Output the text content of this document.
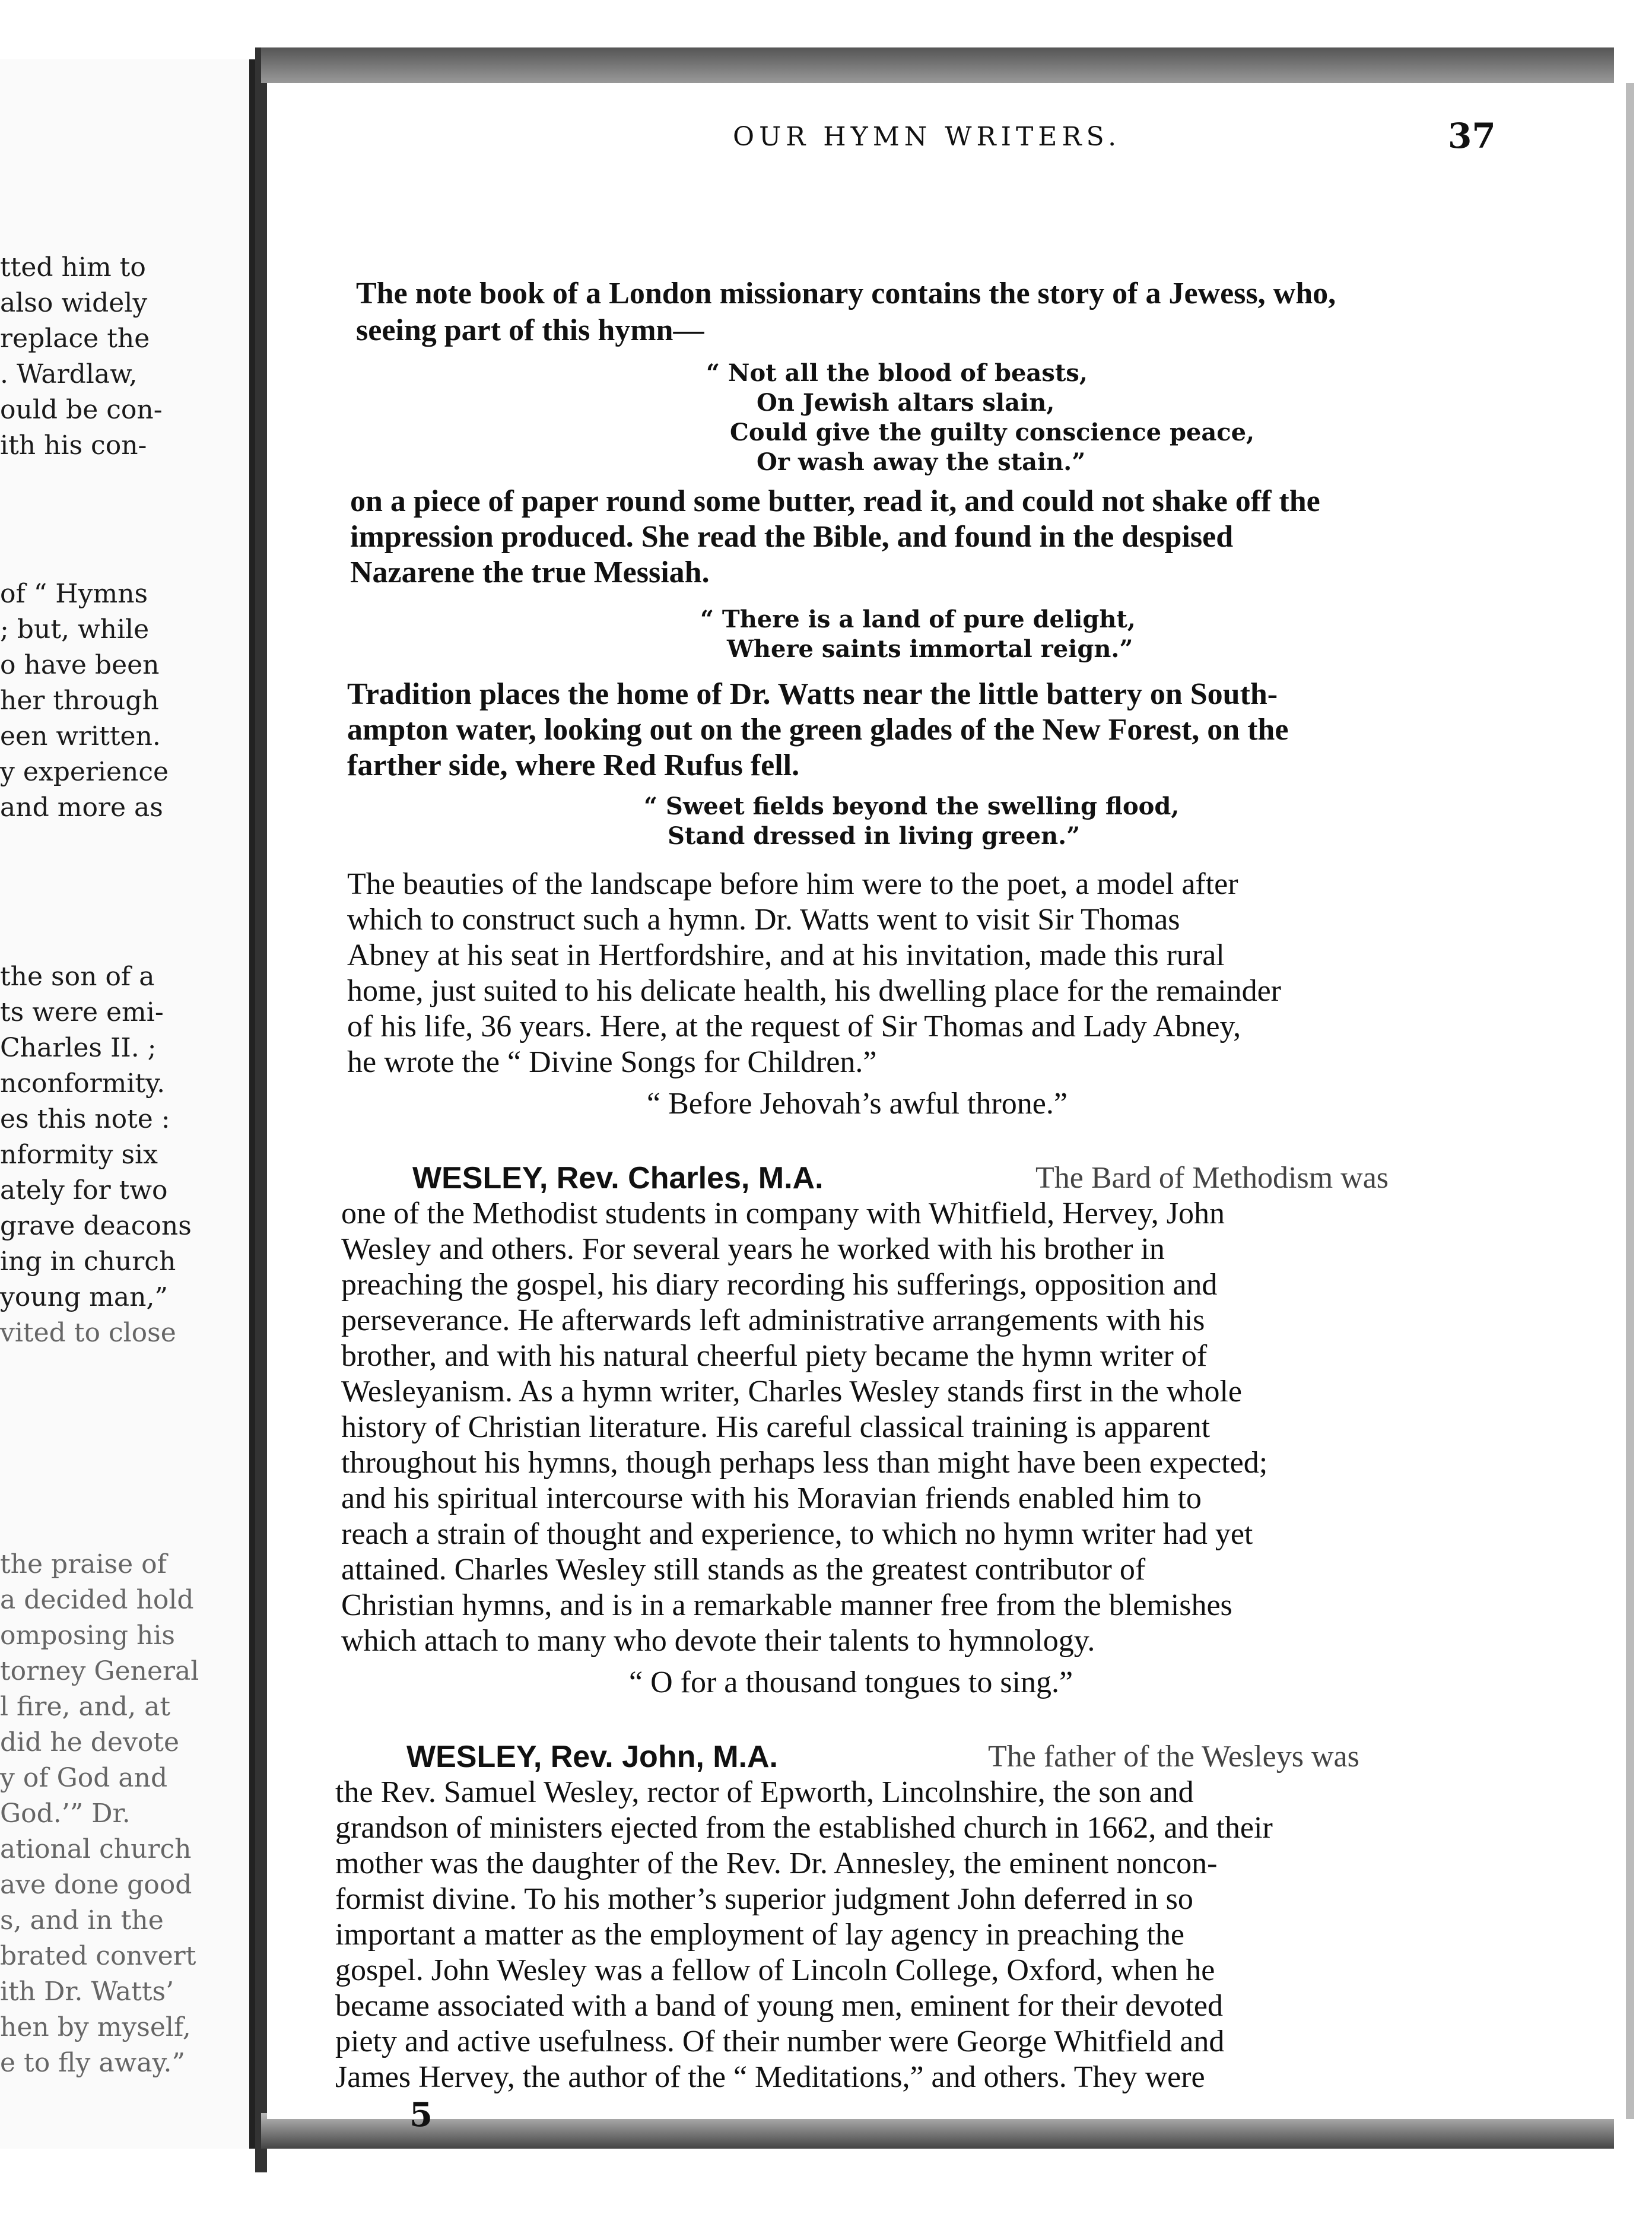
tted him to
also widely
replace the
. Wardlaw,
ould be con-
ith his con-
of “ Hymns
; but, while
o have been
her through
een written.
y experience
and more as
the son of a
ts were emi-
Charles II. ;
nconformity.
es this note :
nformity six
ately for two
grave deacons
ing in church
young man,”
vited to close
the praise of
a decided hold
omposing his
torney General
l fire, and, at
did he devote
y of God and
God.’” Dr.
ational church
ave done good
s, and in the
brated convert
ith Dr. Watts’
hen by myself,
e to fly away.”
OUR HYMN WRITERS.	37
The note book of a London missionary contains the story of a Jewess, who,
seeing part of this hymn—
“ Not all the blood of beasts,
On Jewish altars slain,
Could give the guilty conscience peace,
Or wash away the stain.”
on a piece of paper round some butter, read it, and could not shake off the
impression produced. She read the Bible, and found in the despised
Nazarene the true Messiah.
“ There is a land of pure delight,
Where saints immortal reign.”
Tradition places the home of Dr. Watts near the little battery on South-
ampton water, looking out on the green glades of the New Forest, on the
farther side, where Red Rufus fell.
“ Sweet fields beyond the swelling flood,
Stand dressed in living green.”
The beauties of the landscape before him were to the poet, a model after
which to construct such a hymn. Dr. Watts went to visit Sir Thomas
Abney at his seat in Hertfordshire, and at his invitation, made this rural
home, just suited to his delicate health, his dwelling place for the remainder
of his life, 36 years. Here, at the request of Sir Thomas and Lady Abney,
he wrote the “ Divine Songs for Children.”
“ Before Jehovah’s awful throne.”
WESLEY, Rev. Charles, M.A.	The Bard of Methodism was
one of the Methodist students in company with Whitfield, Hervey, John
Wesley and others. For several years he worked with his brother in
preaching the gospel, his diary recording his sufferings, opposition and
perseverance. He afterwards left administrative arrangements with his
brother, and with his natural cheerful piety became the hymn writer of
Wesleyanism. As a hymn writer, Charles Wesley stands first in the whole
history of Christian literature. His careful classical training is apparent
throughout his hymns, though perhaps less than might have been expected;
and his spiritual intercourse with his Moravian friends enabled him to
reach a strain of thought and experience, to which no hymn writer had yet
attained. Charles Wesley still stands as the greatest contributor of
Christian hymns, and is in a remarkable manner free from the blemishes
which attach to many who devote their talents to hymnology.
“ O for a thousand tongues to sing.”
WESLEY, Rev. John, M.A.	The father of the Wesleys was
the Rev. Samuel Wesley, rector of Epworth, Lincolnshire, the son and
grandson of ministers ejected from the established church in 1662, and their
mother was the daughter of the Rev. Dr. Annesley, the eminent noncon-
formist divine. To his mother’s superior judgment John deferred in so
important a matter as the employment of lay agency in preaching the
gospel. John Wesley was a fellow of Lincoln College, Oxford, when he
became associated with a band of young men, eminent for their devoted
piety and active usefulness. Of their number were George Whitfield and
James Hervey, the author of the “ Meditations,” and others. They were
5
